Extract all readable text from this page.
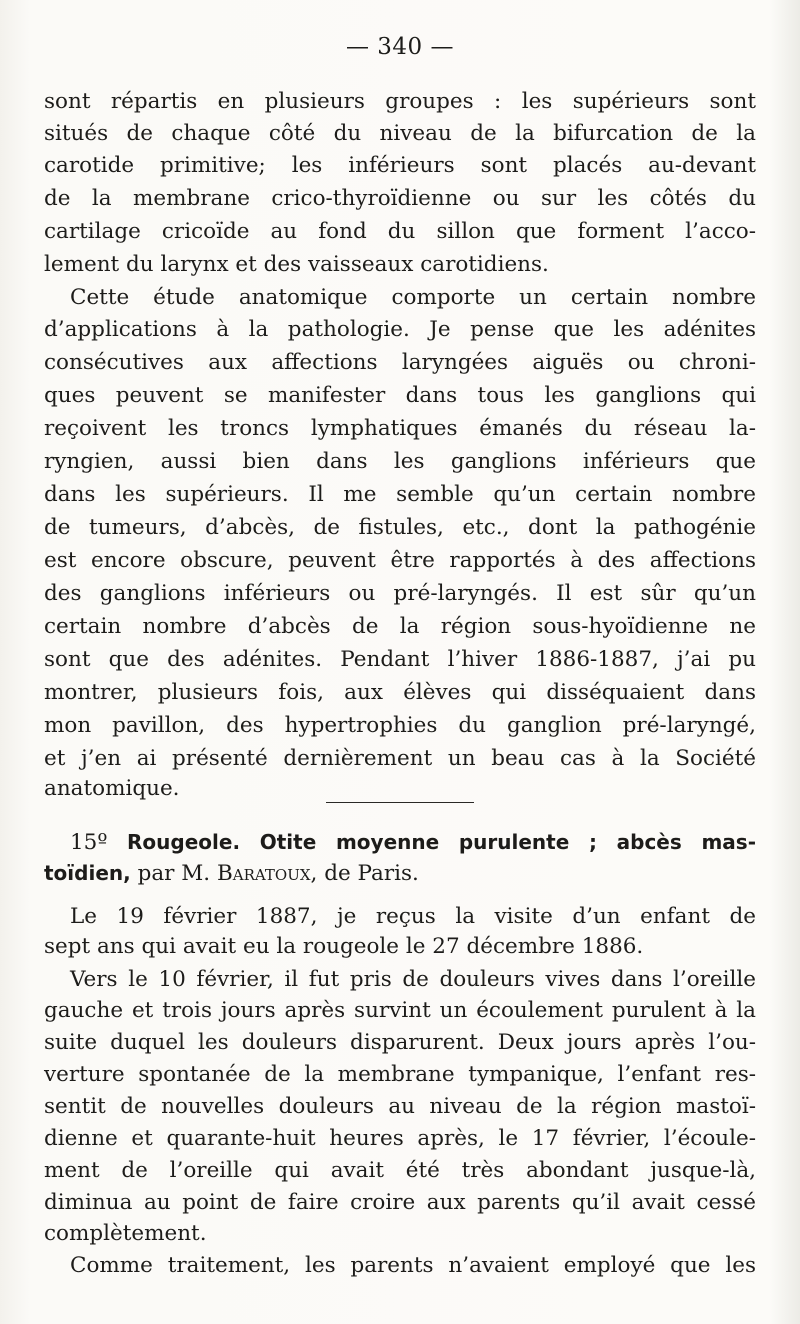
— 340 —
sont répartis en plusieurs groupes : les supérieurs sont
situés de chaque côté du niveau de la bifurcation de la
carotide primitive; les inférieurs sont placés au-devant
de la membrane crico-thyroïdienne ou sur les côtés du
cartilage cricoïde au fond du sillon que forment l’acco-
lement du larynx et des vaisseaux carotidiens.
Cette étude anatomique comporte un certain nombre
d’applications à la pathologie. Je pense que les adénites
consécutives aux affections laryngées aiguës ou chroni-
ques peuvent se manifester dans tous les ganglions qui
reçoivent les troncs lymphatiques émanés du réseau la-
ryngien, aussi bien dans les ganglions inférieurs que
dans les supérieurs. Il me semble qu’un certain nombre
de tumeurs, d’abcès, de fistules, etc., dont la pathogénie
est encore obscure, peuvent être rapportés à des affections
des ganglions inférieurs ou pré-laryngés. Il est sûr qu’un
certain nombre d’abcès de la région sous-hyoïdienne ne
sont que des adénites. Pendant l’hiver 1886-1887, j’ai pu
montrer, plusieurs fois, aux élèves qui disséquaient dans
mon pavillon, des hypertrophies du ganglion pré-laryngé,
et j’en ai présenté dernièrement un beau cas à la Société
anatomique.
15º Rougeole. Otite moyenne purulente ; abcès mas-
toïdien, par M. Baratoux, de Paris.
Le 19 février 1887, je reçus la visite d’un enfant de
sept ans qui avait eu la rougeole le 27 décembre 1886.
Vers le 10 février, il fut pris de douleurs vives dans l’oreille
gauche et trois jours après survint un écoulement purulent à la
suite duquel les douleurs disparurent. Deux jours après l’ou-
verture spontanée de la membrane tympanique, l’enfant res-
sentit de nouvelles douleurs au niveau de la région mastoï-
dienne et quarante-huit heures après, le 17 février, l’écoule-
ment de l’oreille qui avait été très abondant jusque-là,
diminua au point de faire croire aux parents qu’il avait cessé
complètement.
Comme traitement, les parents n’avaient employé que les
